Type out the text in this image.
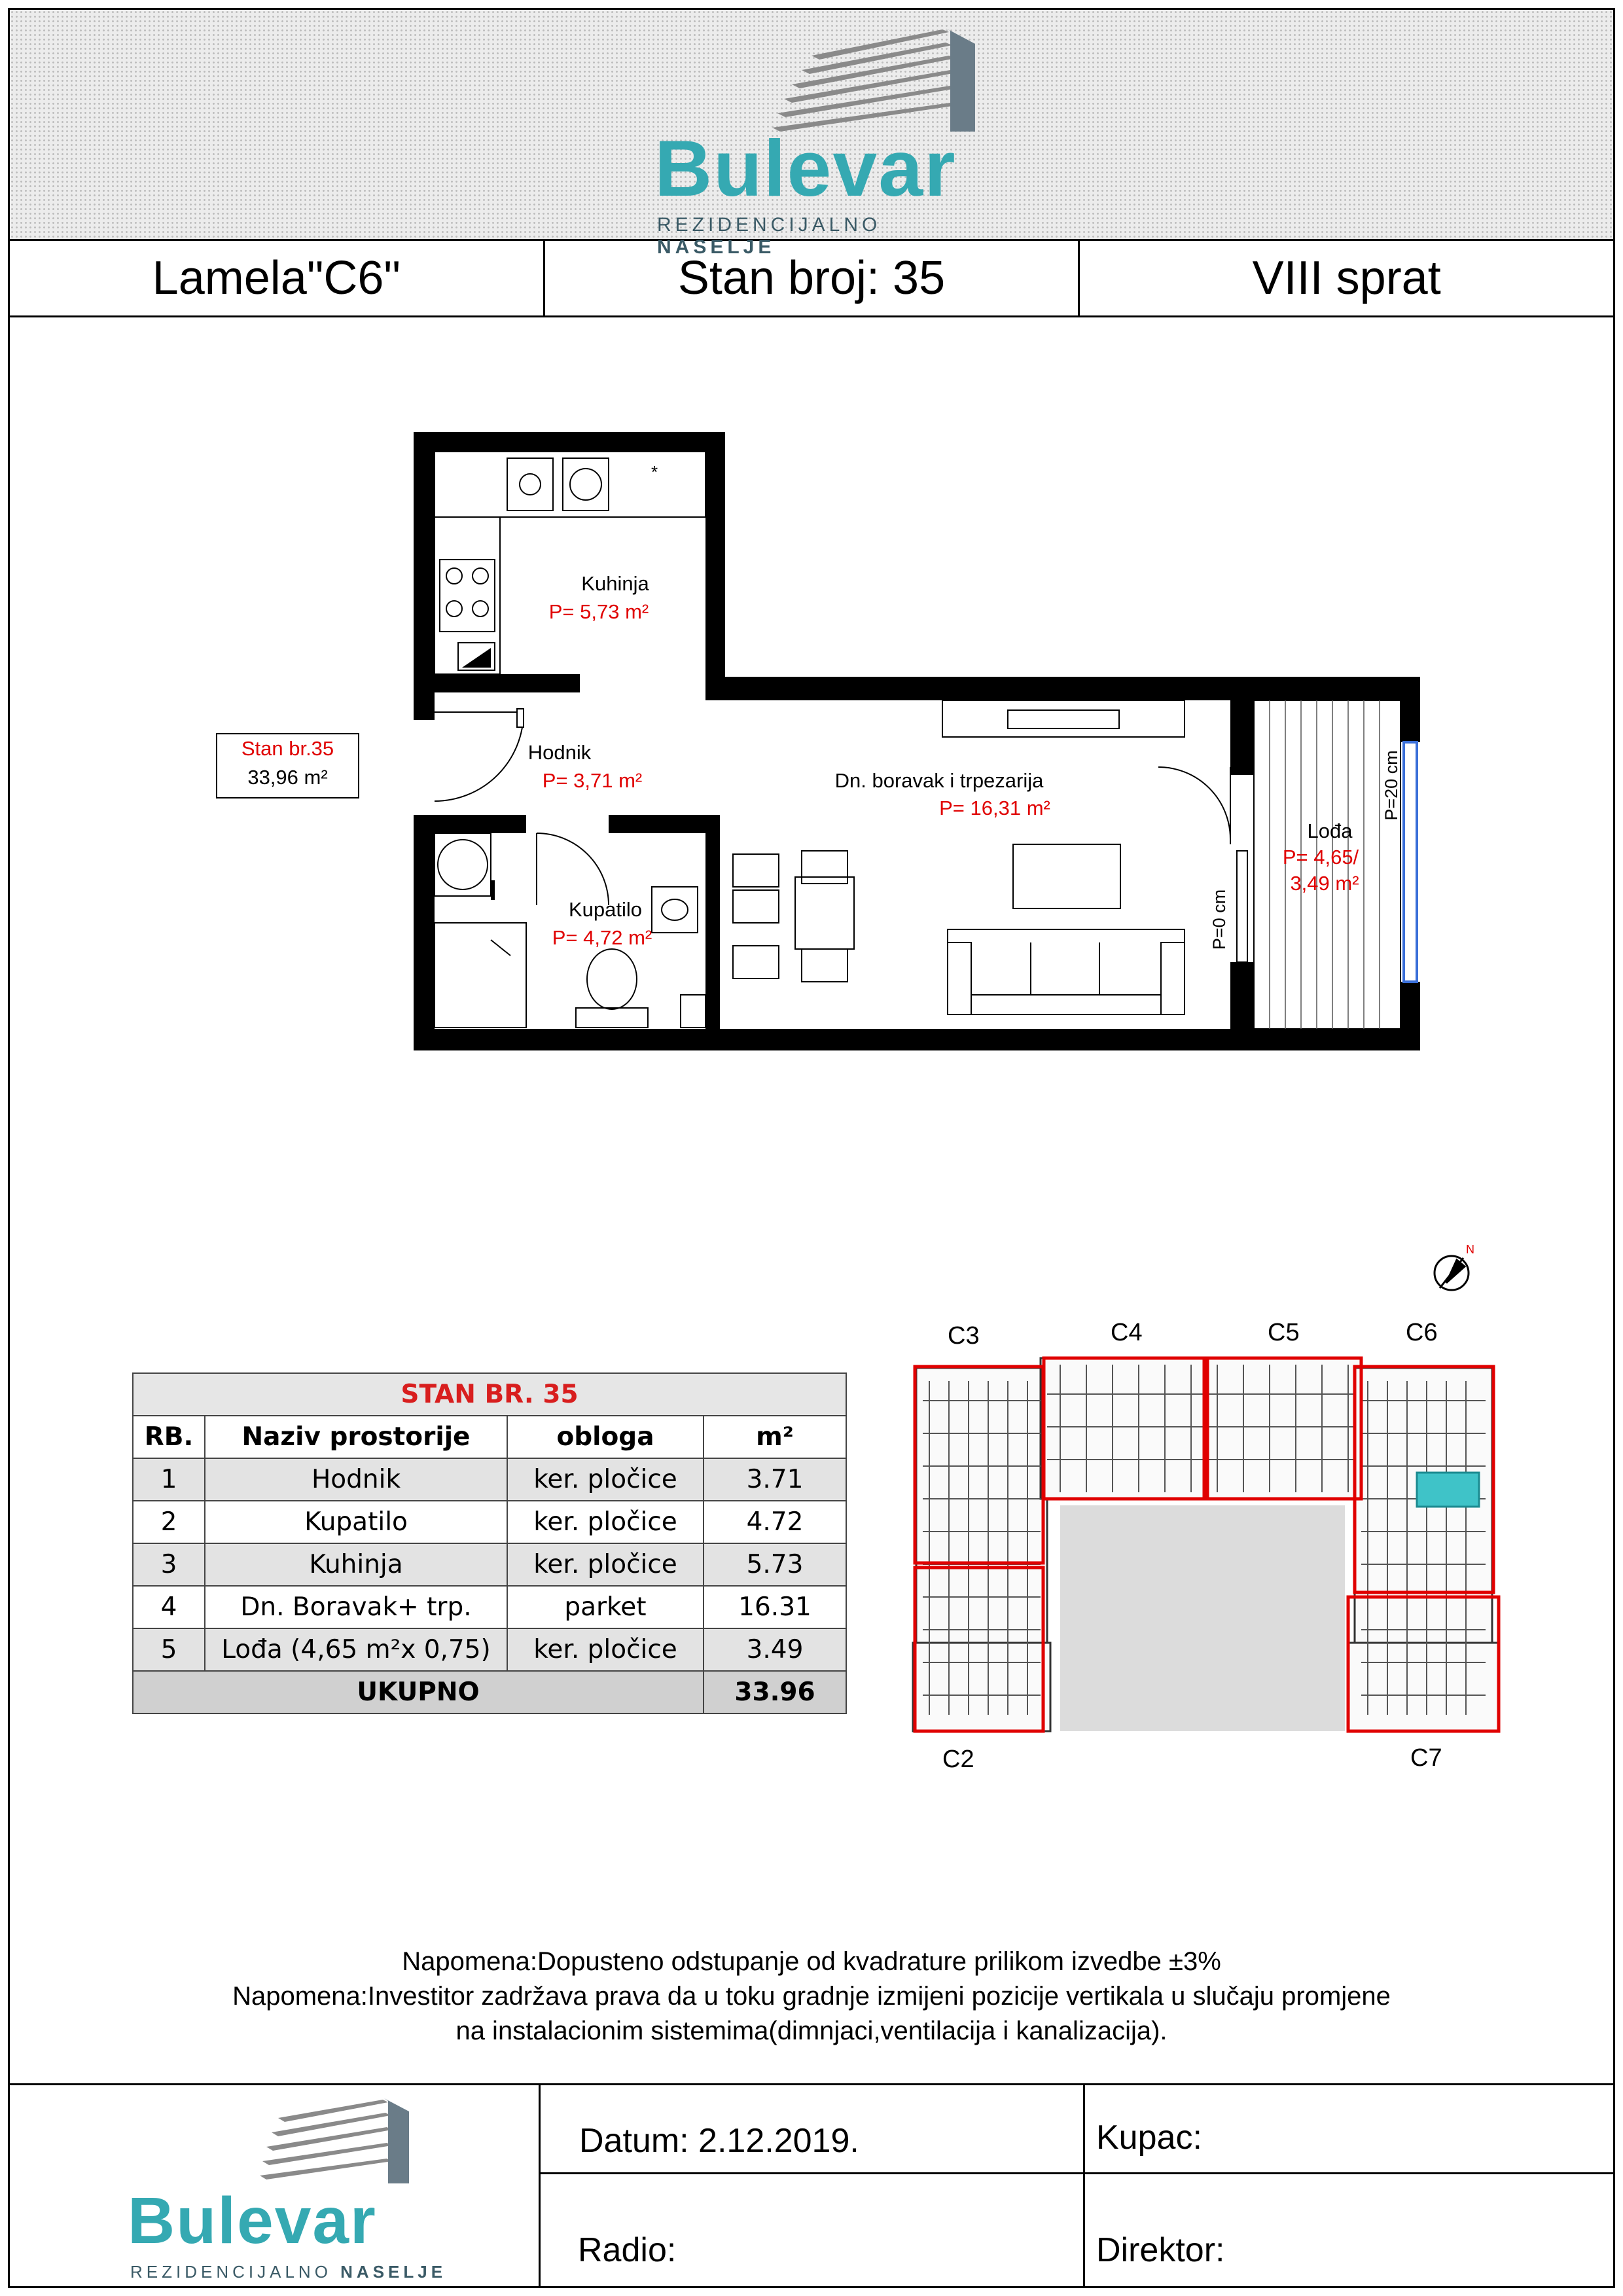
Bulevar
REZIDENCIJALNO NASELJE
Lamela"C6"	Stan broj: 35	VIII sprat
Stan br.35
33,96 m²
*
Kuhinja
P= 5,73 m²
Hodnik
P= 3,71 m²	Dn. boravak i trpezarija
P= 16,31 m²
Kupatilo
P= 4,72 m²
Lođa
P= 4,65/
3,49 m²
P=20 cm
P=0 cm
STAN BR. 35			
RB.	Naziv prostorije	obloga	m²
1	Hodnik	ker. pločice	3.71
2	Kupatilo	ker. pločice	4.72
3	Kuhinja	ker. pločice	5.73
4	Dn. Boravak+ trp.	parket	16.31
5	Lođa (4,65 m²x 0,75)	ker. pločice	3.49
UKUPNO			33.96
N
C3	C4	C5	C6
C2	C7
Napomena:Dopusteno odstupanje od kvadrature prilikom izvedbe ±3%
Napomena:Investitor zadržava prava da u toku gradnje izmijeni pozicije vertikala u slučaju promjene
na instalacionim sistemima(dimnjaci,ventilacija i kanalizacija).
Bulevar
REZIDENCIJALNO NASELJE
Datum: 2.12.2019.	Kupac:
Radio:	Direktor:
